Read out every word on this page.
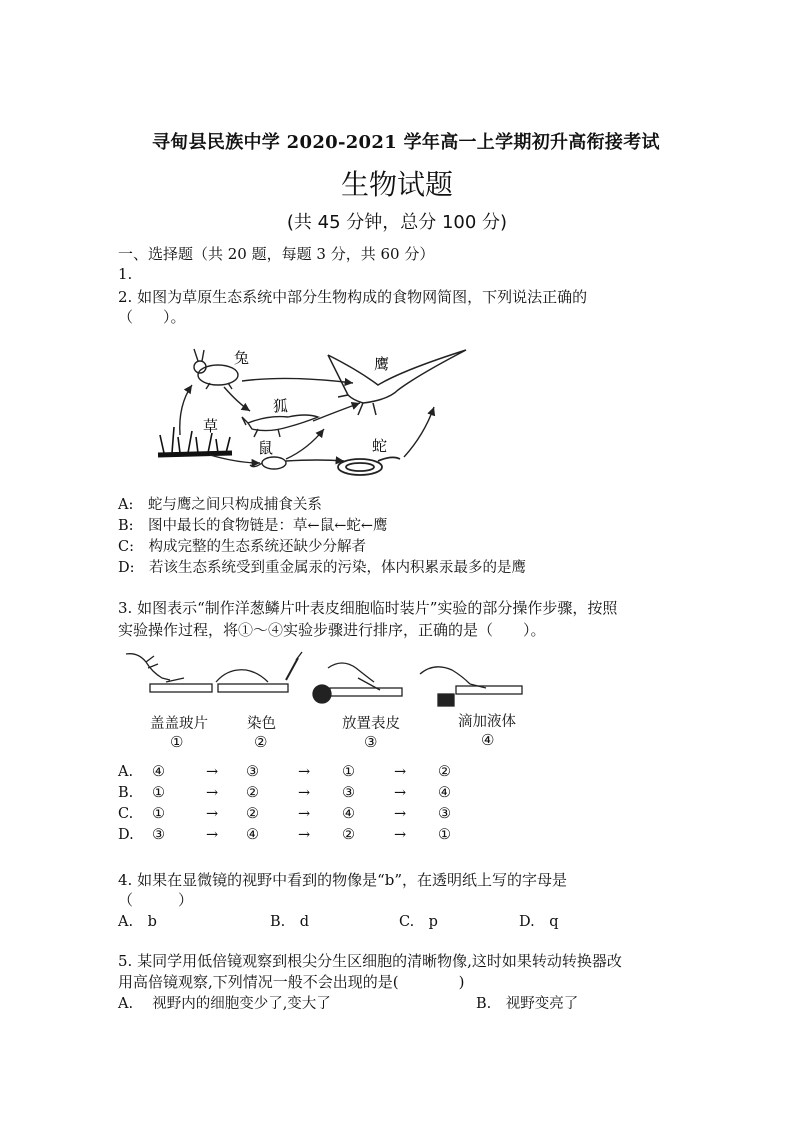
寻甸县民族中学 2020-2021 学年高一上学期初升高衔接考试
生物试题
(共 45 分钟，总分 100 分)
一、选择题（共 20 题，每题 3 分，共 60 分）
1.
2. 如图为草原生态系统中部分生物构成的食物网简图，下列说法正确的
（　　）。
兔	鹰
狐
草
鼠	蛇
A:　蛇与鹰之间只构成捕食关系
B:　图中最长的食物链是：草←鼠←蛇←鹰
C:　构成完整的生态系统还缺少分解者
D:　若该生态系统受到重金属汞的污染，体内积累汞最多的是鹰
3. 如图表示“制作洋葱鳞片叶表皮细胞临时装片”实验的部分操作步骤，按照
实验操作过程，将①～④实验步骤进行排序，正确的是（　　）。
盖盖玻片
①
染色
②
放置表皮
③
滴加液体
④
A. ④	→ ③	→ ①	→ ②
B. ①	→ ②	→ ③	→ ④
C. ①	→ ②	→ ④	→ ③
D. ③	→ ④	→ ②	→ ①
4. 如果在显微镜的视野中看到的物像是“b”，在透明纸上写的字母是
（　　　）
A.　b	B.　d	C.　p	D.　q
5. 某同学用低倍镜观察到根尖分生区细胞的清晰物像,这时如果转动转换器改
用高倍镜观察,下列情况一般不会出现的是(　　　　)
A.　 视野内的细胞变少了,变大了	B.　视野变亮了
